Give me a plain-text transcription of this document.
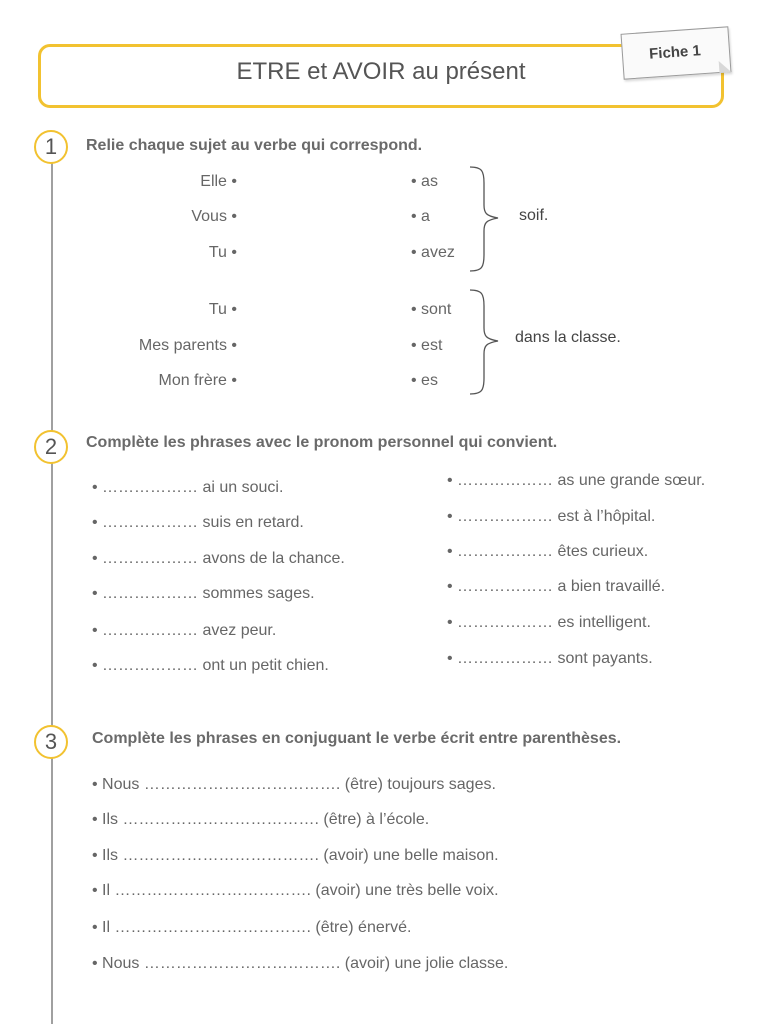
ETRE et AVOIR au présent
Fiche 1
1	Relie chaque sujet au verbe qui correspond.
Elle •
Vous •
Tu •
• as
• a
• avez
soif.
Tu •
Mes parents •
Mon frère •
• sont
• est
• es
dans la classe.
2	Complète les phrases avec le pronom personnel qui convient.
• ……………… ai un souci.
• ……………… suis en retard.
• ……………… avons de la chance.
• ……………… sommes sages.
• ……………… avez peur.
• ……………… ont un petit chien.
• ……………… as une grande sœur.
• ……………… est à l’hôpital.
• ……………… êtes curieux.
• ……………… a bien travaillé.
• ……………… es intelligent.
• ……………… sont payants.
3	Complète les phrases en conjuguant le verbe écrit entre parenthèses.
• Nous ………………………………. (être) toujours sages.
• Ils ………………………………. (être) à l’école.
• Ils ………………………………. (avoir) une belle maison.
• Il ………………………………. (avoir) une très belle voix.
• Il ………………………………. (être) énervé.
• Nous ………………………………. (avoir) une jolie classe.
